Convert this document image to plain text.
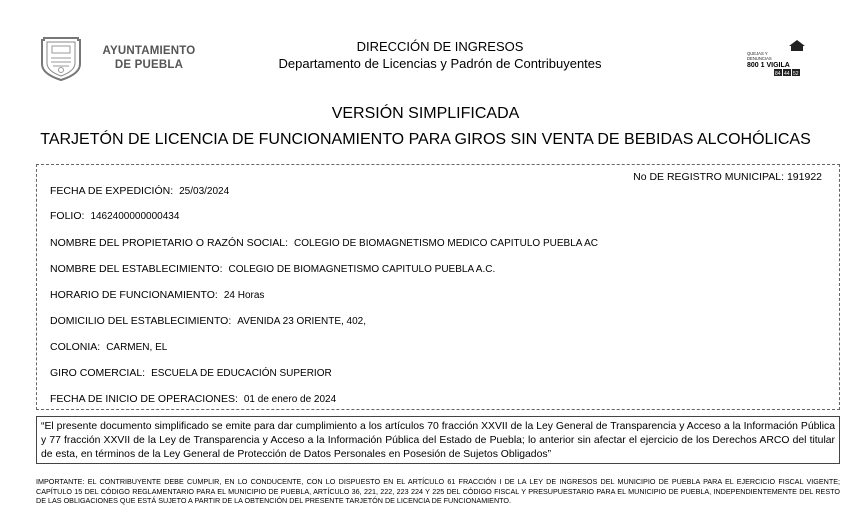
AYUNTAMIENTO
DE PUEBLA
DIRECCIÓN DE INGRESOS
Departamento de Licencias y Padrón de Contribuyentes
QUEJAS Y
DENUNCIAS
800 1 VIGILA
84 44 52
VERSIÓN SIMPLIFICADA
TARJETÓN DE LICENCIA DE FUNCIONAMIENTO PARA GIROS SIN VENTA DE BEBIDAS ALCOHÓLICAS
No DE REGISTRO MUNICIPAL: 191922
FECHA DE EXPEDICIÓN: 25/03/2024
FOLIO: 1462400000000434
NOMBRE DEL PROPIETARIO O RAZÓN SOCIAL: COLEGIO DE BIOMAGNETISMO MEDICO CAPITULO PUEBLA AC
NOMBRE DEL ESTABLECIMIENTO: COLEGIO DE BIOMAGNETISMO CAPITULO PUEBLA A.C.
HORARIO DE FUNCIONAMIENTO: 24 Horas
DOMICILIO DEL ESTABLECIMIENTO: AVENIDA 23 ORIENTE, 402,
COLONIA: CARMEN, EL
GIRO COMERCIAL: ESCUELA DE EDUCACIÓN SUPERIOR
FECHA DE INICIO DE OPERACIONES: 01 de enero de 2024
“El presente documento simplificado se emite para dar cumplimiento a los artículos 70 fracción XXVII de la Ley General de Transparencia y Acceso a la Información Pública y 77 fracción XXVII de la Ley de Transparencia y Acceso a la Información Pública del Estado de Puebla; lo anterior sin afectar el ejercicio de los Derechos ARCO del titular de esta, en términos de la Ley General de Protección de Datos Personales en Posesión de Sujetos Obligados”
IMPORTANTE: EL CONTRIBUYENTE DEBE CUMPLIR, EN LO CONDUCENTE, CON LO DISPUESTO EN EL ARTÍCULO 61 FRACCIÓN I DE LA LEY DE INGRESOS DEL MUNICIPIO DE PUEBLA PARA EL EJERCICIO FISCAL VIGENTE; CAPÍTULO 15 DEL CÓDIGO REGLAMENTARIO PARA EL MUNICIPIO DE PUEBLA, ARTÍCULO 36, 221, 222, 223 224 Y 225 DEL CÓDIGO FISCAL Y PRESUPUESTARIO PARA EL MUNICIPIO DE PUEBLA, INDEPENDIENTEMENTE DEL RESTO DE LAS OBLIGACIONES QUE ESTÁ SUJETO A PARTIR DE LA OBTENCIÓN DEL PRESENTE TARJETÓN DE LICENCIA DE FUNCIONAMIENTO.
